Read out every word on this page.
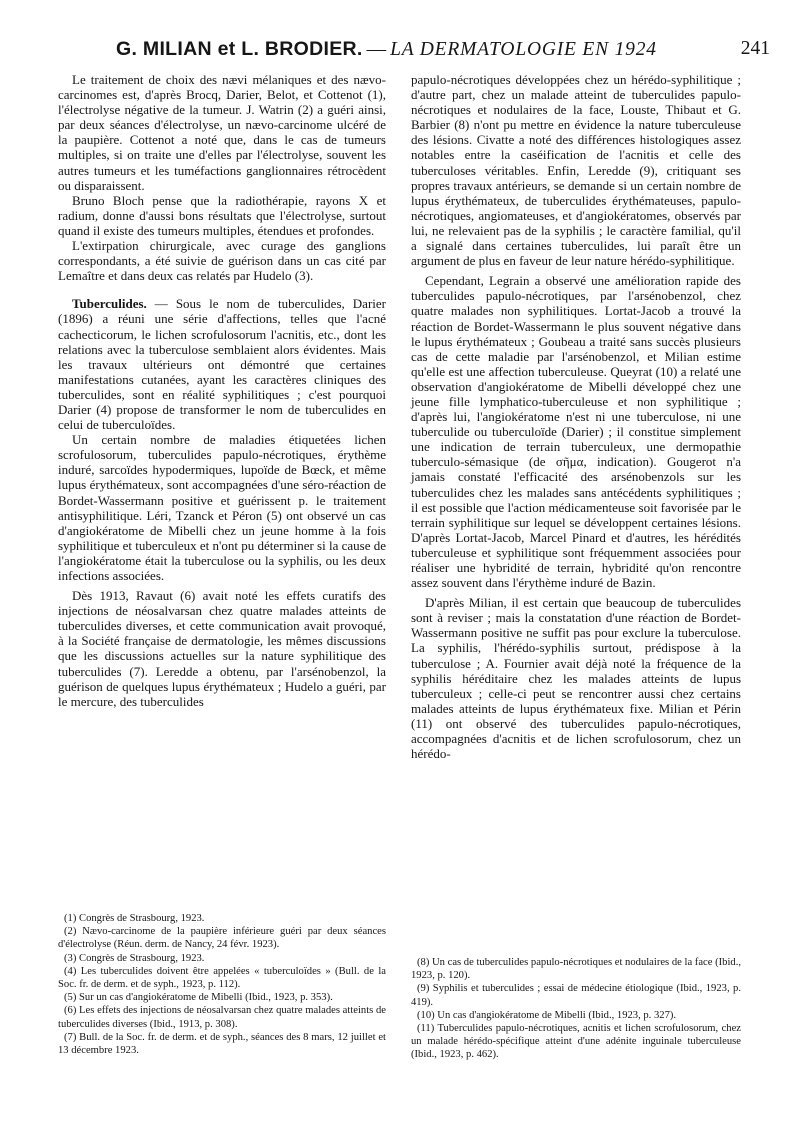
G. MILIAN et L. BRODIER. — LA DERMATOLOGIE EN 1924	241

Le traitement de choix des nævi mélaniques et des nævo-carcinomes est, d'après Brocq, Darier, Belot, et Cottenot (1), l'électrolyse négative de la tumeur. J. Watrin (2) a guéri ainsi, par deux séances d'électrolyse, un nævo-carcinome ulcéré de la paupière. Cottenot a noté que, dans le cas de tumeurs multiples, si on traite une d'elles par l'électrolyse, souvent les autres tumeurs et les tuméfactions ganglionnaires rétrocèdent ou disparaissent.

Bruno Bloch pense que la radiothérapie, rayons X et radium, donne d'aussi bons résultats que l'électrolyse, surtout quand il existe des tumeurs multiples, étendues et profondes.

L'extirpation chirurgicale, avec curage des ganglions correspondants, a été suivie de guérison dans un cas cité par Lemaître et dans deux cas relatés par Hudelo (3).

Tuberculides. — Sous le nom de tuberculides, Darier (1896) a réuni une série d'affections, telles que l'acné cachecticorum, le lichen scrofulosorum l'acnitis, etc., dont les relations avec la tuberculose semblaient alors évidentes. Mais les travaux ultérieurs ont démontré que certaines manifestations cutanées, ayant les caractères cliniques des tuberculides, sont en réalité syphilitiques ; c'est pourquoi Darier (4) propose de transformer le nom de tuberculides en celui de tuberculoïdes.

Un certain nombre de maladies étiquetées lichen scrofulosorum, tuberculides papulo-nécrotiques, érythème induré, sarcoïdes hypodermiques, lupoïde de Bœck, et même lupus érythémateux, sont accompagnées d'une séro-réaction de Bordet-Wassermann positive et guérissent p. le traitement antisyphilitique. Léri, Tzanck et Péron (5) ont observé un cas d'angiokératome de Mibelli chez un jeune homme à la fois syphilitique et tuberculeux et n'ont pu déterminer si la cause de l'angiokératome était la tuberculose ou la syphilis, ou les deux infections associées.

Dès 1913, Ravaut (6) avait noté les effets curatifs des injections de néosalvarsan chez quatre malades atteints de tuberculides diverses, et cette communication avait provoqué, à la Société française de dermatologie, les mêmes discussions que les discussions actuelles sur la nature syphilitique des tuberculides (7). Leredde a obtenu, par l'arsénobenzol, la guérison de quelques lupus érythémateux ; Hudelo a guéri, par le mercure, des tuberculides

papulo-nécrotiques développées chez un hérédo-syphilitique ; d'autre part, chez un malade atteint de tuberculides papulo-nécrotiques et nodulaires de la face, Louste, Thibaut et G. Barbier (8) n'ont pu mettre en évidence la nature tuberculeuse des lésions. Civatte a noté des différences histologiques assez notables entre la caséification de l'acnitis et celle des tuberculoses véritables. Enfin, Leredde (9), critiquant ses propres travaux antérieurs, se demande si un certain nombre de lupus érythémateux, de tuberculides érythémateuses, papulo-nécrotiques, angiomateuses, et d'angiokératomes, observés par lui, ne relevaient pas de la syphilis ; le caractère familial, qu'il a signalé dans certaines tuberculides, lui paraît être un argument de plus en faveur de leur nature hérédo-syphilitique.

Cependant, Legrain a observé une amélioration rapide des tuberculides papulo-nécrotiques, par l'arsénobenzol, chez quatre malades non syphilitiques. Lortat-Jacob a trouvé la réaction de Bordet-Wassermann le plus souvent négative dans le lupus érythémateux ; Goubeau a traité sans succès plusieurs cas de cette maladie par l'arsénobenzol, et Milian estime qu'elle est une affection tuberculeuse. Queyrat (10) a relaté une observation d'angiokératome de Mibelli développé chez une jeune fille lymphatico-tuberculeuse et non syphilitique ; d'après lui, l'angiokératome n'est ni une tuberculose, ni une tuberculide ou tuberculoïde (Darier) ; il constitue simplement une indication de terrain tuberculeux, une dermopathie tuberculo-sémasique (de σῆμα, indication). Gougerot n'a jamais constaté l'efficacité des arsénobenzols sur les tuberculides chez les malades sans antécédents syphilitiques ; il est possible que l'action médicamenteuse soit favorisée par le terrain syphilitique sur lequel se développent certaines lésions. D'après Lortat-Jacob, Marcel Pinard et d'autres, les hérédités tuberculeuse et syphilitique sont fréquemment associées pour réaliser une hybridité de terrain, hybridité qu'on rencontre assez souvent dans l'érythème induré de Bazin.

D'après Milian, il est certain que beaucoup de tuberculides sont à reviser ; mais la constatation d'une réaction de Bordet-Wassermann positive ne suffit pas pour exclure la tuberculose. La syphilis, l'hérédo-syphilis surtout, prédispose à la tuberculose ; A. Fournier avait déjà noté la fréquence de la syphilis héréditaire chez les malades atteints de lupus tuberculeux ; celle-ci peut se rencontrer aussi chez certains malades atteints de lupus érythémateux fixe. Milian et Périn (11) ont observé des tuberculides papulo-nécrotiques, accompagnées d'acnitis et de lichen scrofulosorum, chez un hérédo-

(1) Congrès de Strasbourg, 1923.

(2) Nævo-carcinome de la paupière inférieure guéri par deux séances d'électrolyse (Réun. derm. de Nancy, 24 févr. 1923).

(3) Congrès de Strasbourg, 1923.

(4) Les tuberculides doivent être appelées « tuberculoïdes » (Bull. de la Soc. fr. de derm. et de syph., 1923, p. 112).

(5) Sur un cas d'angiokératome de Mibelli (Ibid., 1923, p. 353).

(6) Les effets des injections de néosalvarsan chez quatre malades atteints de tuberculides diverses (Ibid., 1913, p. 308).

(7) Bull. de la Soc. fr. de derm. et de syph., séances des 8 mars, 12 juillet et 13 décembre 1923.

(8) Un cas de tuberculides papulo-nécrotiques et nodulaires de la face (Ibid., 1923, p. 120).

(9) Syphilis et tuberculides ; essai de médecine étiologique (Ibid., 1923, p. 419).

(10) Un cas d'angiokératome de Mibelli (Ibid., 1923, p. 327).

(11) Tuberculides papulo-nécrotiques, acnitis et lichen scrofulosorum, chez un malade hérédo-spécifique atteint d'une adénite inguinale tuberculeuse (Ibid., 1923, p. 462).
